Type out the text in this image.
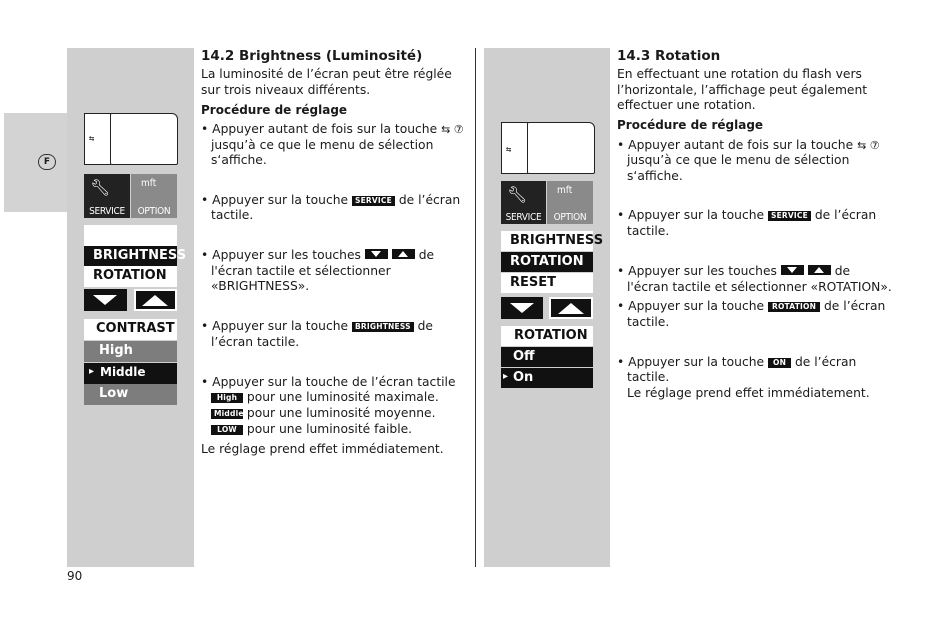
F
⇆
🔧︎
SERVICE
mft
OPTION
BRIGHTNESS
ROTATION
CONTRAST
High
Middle
▸
Low
⇆
🔧︎
SERVICE
mft
OPTION
BRIGHTNESS
ROTATION
RESET
ROTATION
Off
On
▸
14.2 Brightness (Luminosité)
La luminosité de l’écran peut être réglée sur trois niveaux différents.
Procédure de réglage
• Appuyer autant de fois sur la touche ⇆ ⑦
jusqu’à ce que le menu de sélection
s‘affiche.
• Appuyer sur la touche SERVICE de l’écran
tactile.
• Appuyer sur les touches
	de
l'écran tactile et sélectionner
«BRIGHTNESS».
• Appuyer sur la touche BRIGHTNESS de
l’écran tactile.
• Appuyer sur la touche de l’écran tactile
High pour une luminosité maximale.
Middle pour une luminosité moyenne.
LOW pour une luminosité faible.
Le réglage prend effet immédiatement.
14.3 Rotation
En effectuant une rotation du flash vers
l’horizontale, l’affichage peut également
effectuer une rotation.
Procédure de réglage
• Appuyer autant de fois sur la touche ⇆ ⑦
jusqu’à ce que le menu de sélection
s‘affiche.
• Appuyer sur la touche SERVICE de l’écran
tactile.
• Appuyer sur les touches
	de
l'écran tactile et sélectionner «ROTATION».
• Appuyer sur la touche ROTATION de l’écran
tactile.
• Appuyer sur la touche ON de l’écran
tactile.
Le réglage prend effet immédiatement.
90
